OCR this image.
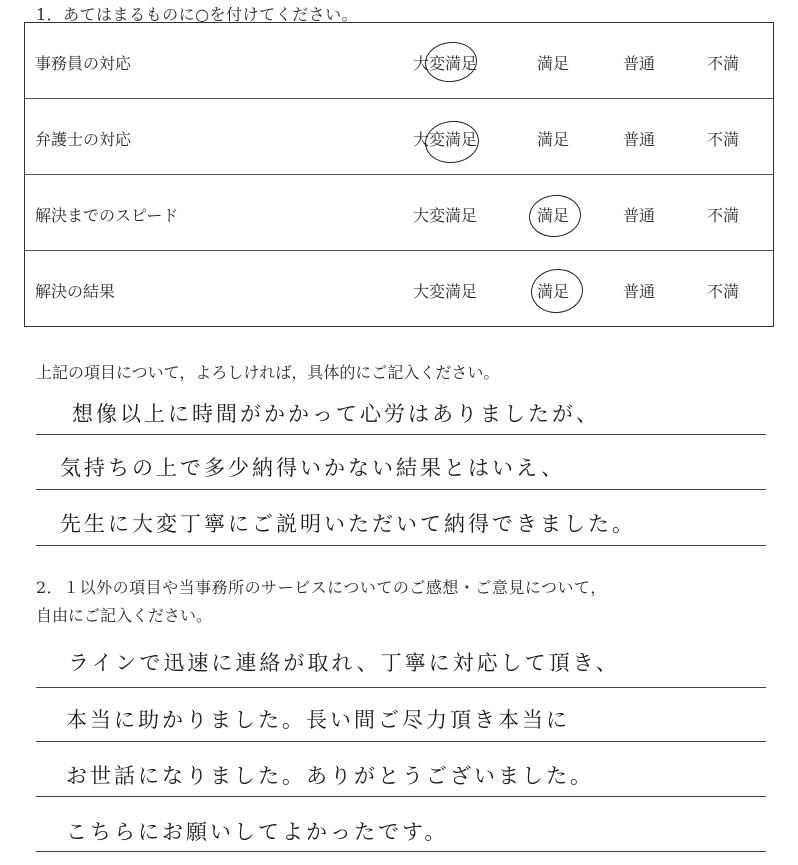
1．あてはまるものに○を付けてください。
事務員の対応	大変満足	満足	普通	不満
弁護士の対応	大変満足	満足	普通	不満
解決までのスピード	大変満足	満足	普通	不満
解決の結果	大変満足	満足	普通	不満
上記の項目について，よろしければ，具体的にご記入ください。
想像以上に時間がかかって心労はありましたが、
気持ちの上で多少納得いかない結果とはいえ、
先生に大変丁寧にご説明いただいて納得できました。
2．１以外の項目や当事務所のサービスについてのご感想・ご意見について，
自由にご記入ください。
ラインで迅速に連絡が取れ、丁寧に対応して頂き、
本当に助かりました。長い間ご尽力頂き本当に
お世話になりました。ありがとうございました。
こちらにお願いしてよかったです。
